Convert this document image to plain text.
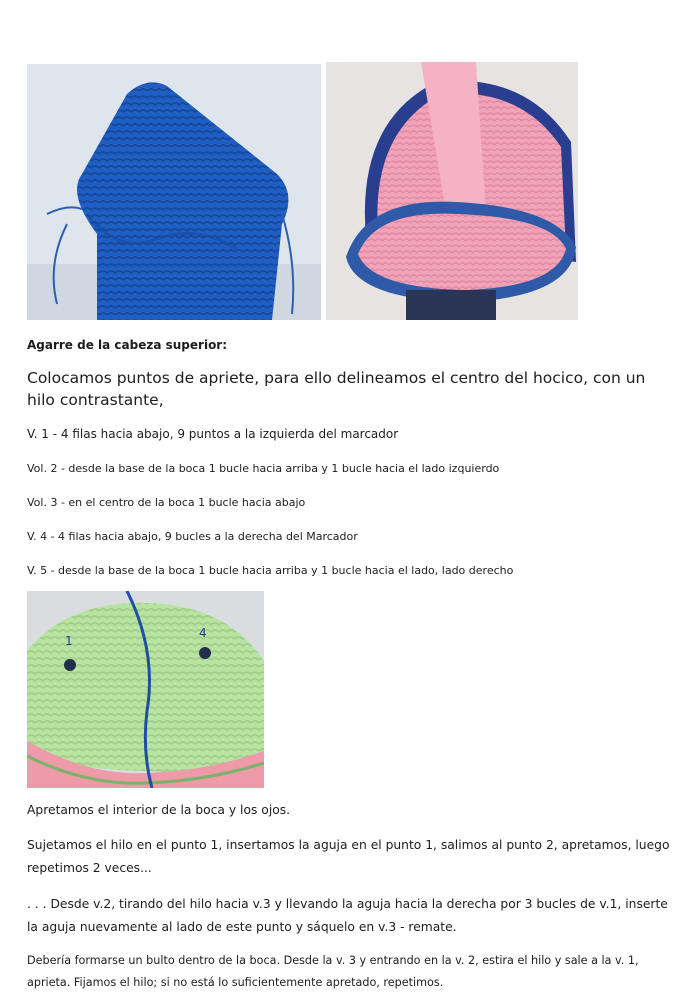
Agarre de la cabeza superior:

Colocamos puntos de apriete, para ello delineamos el centro del hocico, con un hilo contrastante,

V. 1 - 4 filas hacia abajo, 9 puntos a la izquierda del marcador

Vol. 2 - desde la base de la boca 1 bucle hacia arriba y 1 bucle hacia el lado izquierdo

Vol. 3 - en el centro de la boca 1 bucle hacia abajo

V. 4 - 4 filas hacia abajo, 9 bucles a la derecha del Marcador

V. 5 - desde la base de la boca 1 bucle hacia arriba y 1 bucle hacia el lado, lado derecho

1
4

Apretamos el interior de la boca y los ojos.

Sujetamos el hilo en el punto 1, insertamos la aguja en el punto 1, salimos al punto 2, apretamos, luego repetimos 2 veces...

. . . Desde v.2, tirando del hilo hacia v.3 y llevando la aguja hacia la derecha por 3 bucles de v.1, inserte la aguja nuevamente al lado de este punto y sáquelo en v.3 - remate.

Debería formarse un bulto dentro de la boca. Desde la v. 3 y entrando en la v. 2, estira el hilo y sale a la v. 1, aprieta. Fijamos el hilo; si no está lo suficientemente apretado, repetimos.
